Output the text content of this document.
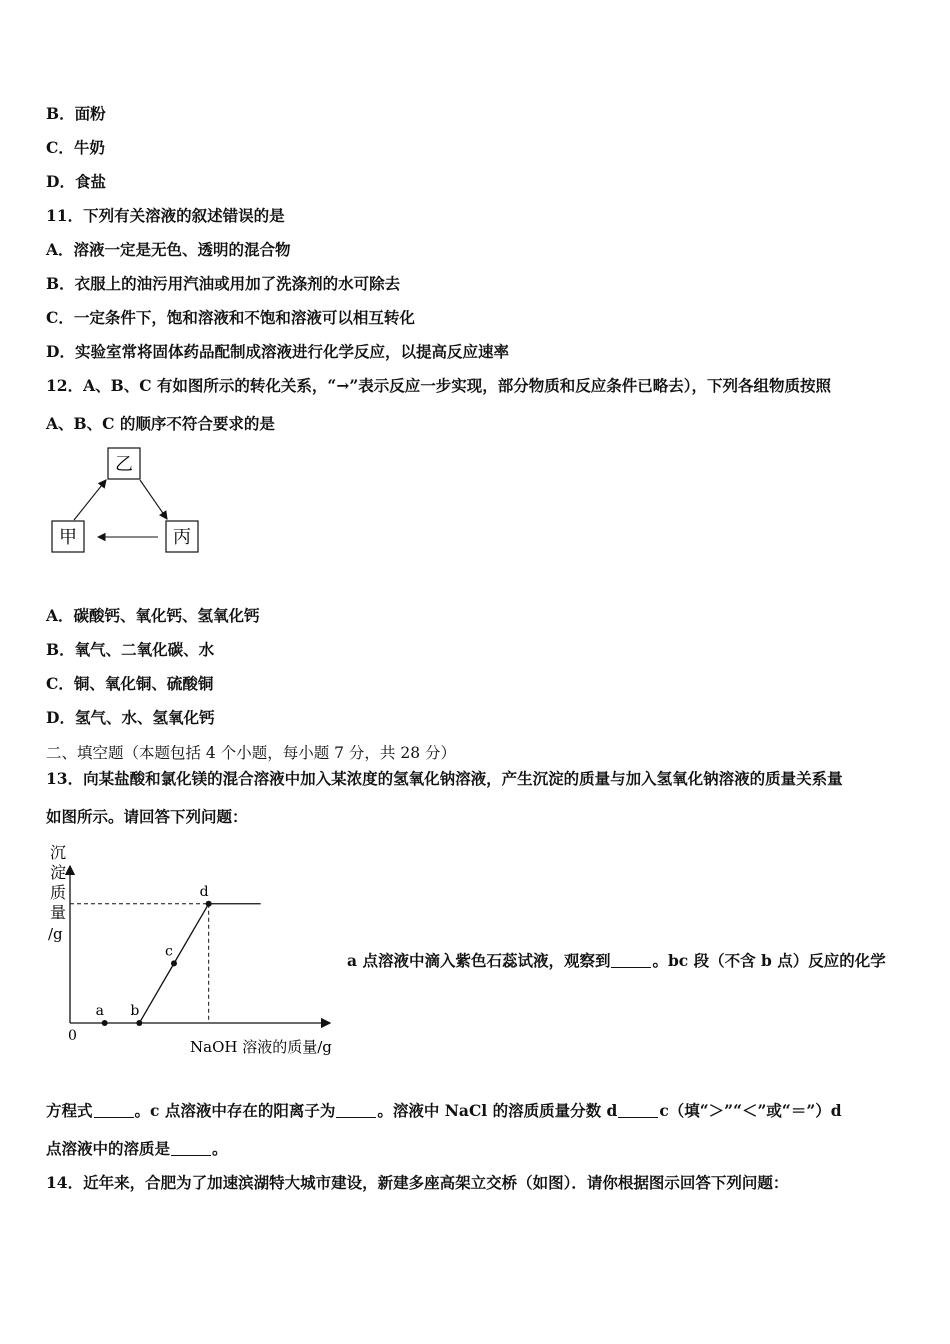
B．面粉
C．牛奶
D．食盐
11．下列有关溶液的叙述错误的是
A．溶液一定是无色、透明的混合物
B．衣服上的油污用汽油或用加了洗涤剂的水可除去
C．一定条件下，饱和溶液和不饱和溶液可以相互转化
D．实验室常将固体药品配制成溶液进行化学反应，以提高反应速率
12．A、B、C 有如图所示的转化关系，“→”表示反应一步实现，部分物质和反应条件已略去），下列各组物质按照
A、B、C 的顺序不符合要求的是
乙
甲	丙
A．碳酸钙、氧化钙、氢氧化钙
B．氧气、二氧化碳、水
C．铜、氧化铜、硫酸铜
D．氢气、水、氢氧化钙
二、填空题（本题包括 4 个小题，每小题 7 分，共 28 分）
13．向某盐酸和氯化镁的混合溶液中加入某浓度的氢氧化钠溶液，产生沉淀的质量与加入氢氧化钠溶液的质量关系量
如图所示。请回答下列问题：
沉
淀
质
量
/g
0
NaOH 溶液的质量/g
a b
c
d
a 点溶液中滴入紫色石蕊试液，观察到	。bc 段（不含 b 点）反应的化学
方程式	。c 点溶液中存在的阳离子为	。溶液中 NaCl 的溶质质量分数 d	c（填“＞”“＜”或“＝”）d
点溶液中的溶质是	。
14．近年来，合肥为了加速滨湖特大城市建设，新建多座高架立交桥（如图）．请你根据图示回答下列问题：
